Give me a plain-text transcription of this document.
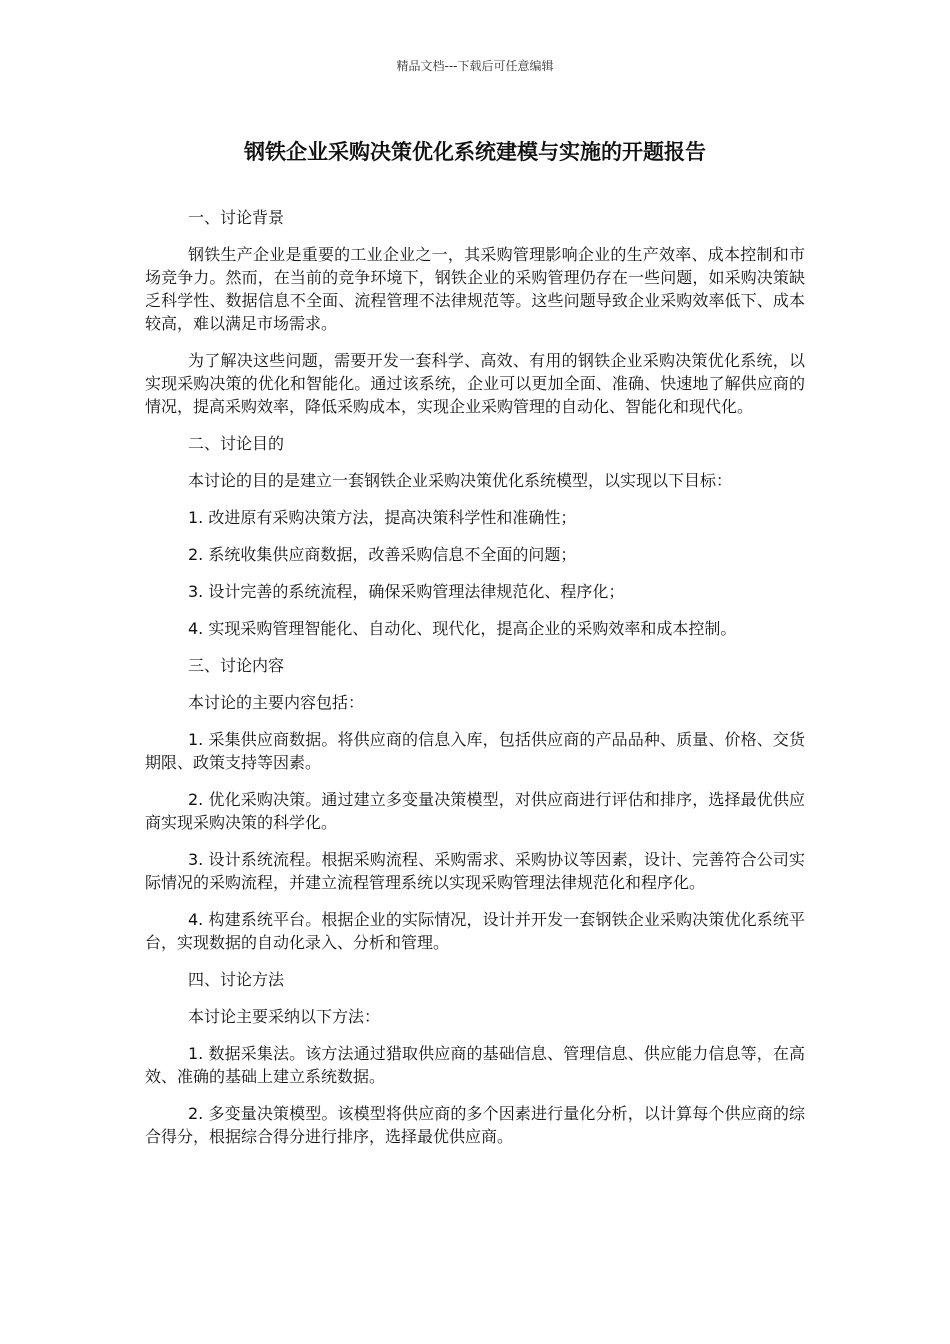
精品文档---下载后可任意编辑
钢铁企业采购决策优化系统建模与实施的开题报告

一、讨论背景

钢铁生产企业是重要的工业企业之一，其采购管理影响企业的生产效率、成本控制和市场竞争力。然而，在当前的竞争环境下，钢铁企业的采购管理仍存在一些问题，如采购决策缺乏科学性、数据信息不全面、流程管理不法律规范等。这些问题导致企业采购效率低下、成本较高，难以满足市场需求。

为了解决这些问题，需要开发一套科学、高效、有用的钢铁企业采购决策优化系统，以实现采购决策的优化和智能化。通过该系统，企业可以更加全面、准确、快速地了解供应商的情况，提高采购效率，降低采购成本，实现企业采购管理的自动化、智能化和现代化。

二、讨论目的

本讨论的目的是建立一套钢铁企业采购决策优化系统模型，以实现以下目标：

1. 改进原有采购决策方法，提高决策科学性和准确性；

2. 系统收集供应商数据，改善采购信息不全面的问题；

3. 设计完善的系统流程，确保采购管理法律规范化、程序化；

4. 实现采购管理智能化、自动化、现代化，提高企业的采购效率和成本控制。

三、讨论内容

本讨论的主要内容包括：

1. 采集供应商数据。将供应商的信息入库，包括供应商的产品品种、质量、价格、交货期限、政策支持等因素。

2. 优化采购决策。通过建立多变量决策模型，对供应商进行评估和排序，选择最优供应商实现采购决策的科学化。

3. 设计系统流程。根据采购流程、采购需求、采购协议等因素，设计、完善符合公司实际情况的采购流程，并建立流程管理系统以实现采购管理法律规范化和程序化。

4. 构建系统平台。根据企业的实际情况，设计并开发一套钢铁企业采购决策优化系统平台，实现数据的自动化录入、分析和管理。

四、讨论方法

本讨论主要采纳以下方法：

1. 数据采集法。该方法通过猎取供应商的基础信息、管理信息、供应能力信息等，在高效、准确的基础上建立系统数据。

2. 多变量决策模型。该模型将供应商的多个因素进行量化分析，以计算每个供应商的综合得分，根据综合得分进行排序，选择最优供应商。
